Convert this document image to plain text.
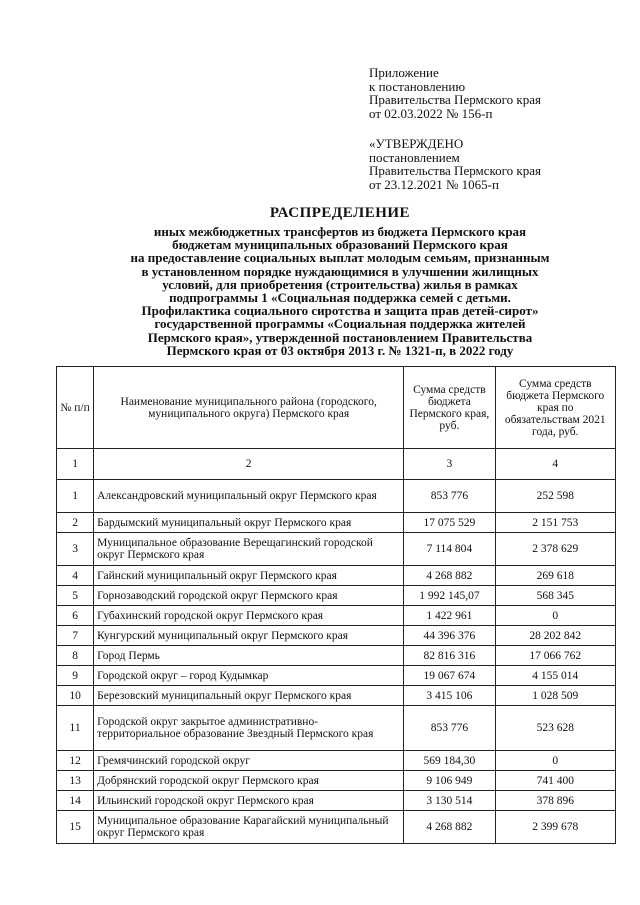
Приложение
к постановлению
Правительства Пермского края
от 02.03.2022 № 156-п
«УТВЕРЖДЕНО
постановлением
Правительства Пермского края
от 23.12.2021 № 1065-п
РАСПРЕДЕЛЕНИЕ
иных межбюджетных трансфертов из бюджета Пермского края
бюджетам муниципальных образований Пермского края
на предоставление социальных выплат молодым семьям, признанным
в установленном порядке нуждающимися в улучшении жилищных
условий, для приобретения (строительства) жилья в рамках
подпрограммы 1 «Социальная поддержка семей с детьми.
Профилактика социального сиротства и защита прав детей-сирот»
государственной программы «Социальная поддержка жителей
Пермского края», утвержденной постановлением Правительства
Пермского края от 03 октября 2013 г. № 1321-п, в 2022 году
№ п/п	Наименование муниципального района (городского, муниципального округа) Пермского края	Сумма средств бюджета Пермского края, руб.	Сумма средств бюджета Пермского края по обязательствам 2021 года, руб.
1	2	3	4
1	Александровский муниципальный округ Пермского края	853 776	252 598
2	Бардымский муниципальный округ Пермского края	17 075 529	2 151 753
3	Муниципальное образование Верещагинский городской округ Пермского края	7 114 804	2 378 629
4	Гайнский муниципальный округ Пермского края	4 268 882	269 618
5	Горнозаводский городской округ Пермского края	1 992 145,07	568 345
6	Губахинский городской округ Пермского края	1 422 961	0
7	Кунгурский муниципальный округ Пермского края	44 396 376	28 202 842
8	Город Пермь	82 816 316	17 066 762
9	Городской округ – город Кудымкар	19 067 674	4 155 014
10	Березовский муниципальный округ Пермского края	3 415 106	1 028 509
11	Городской округ закрытое административно-территориальное образование Звездный Пермского края	853 776	523 628
12	Гремячинский городской округ	569 184,30	0
13	Добрянский городской округ Пермского края	9 106 949	741 400
14	Ильинский городской округ Пермского края	3 130 514	378 896
15	Муниципальное образование Карагайский муниципальный округ Пермского края	4 268 882	2 399 678
